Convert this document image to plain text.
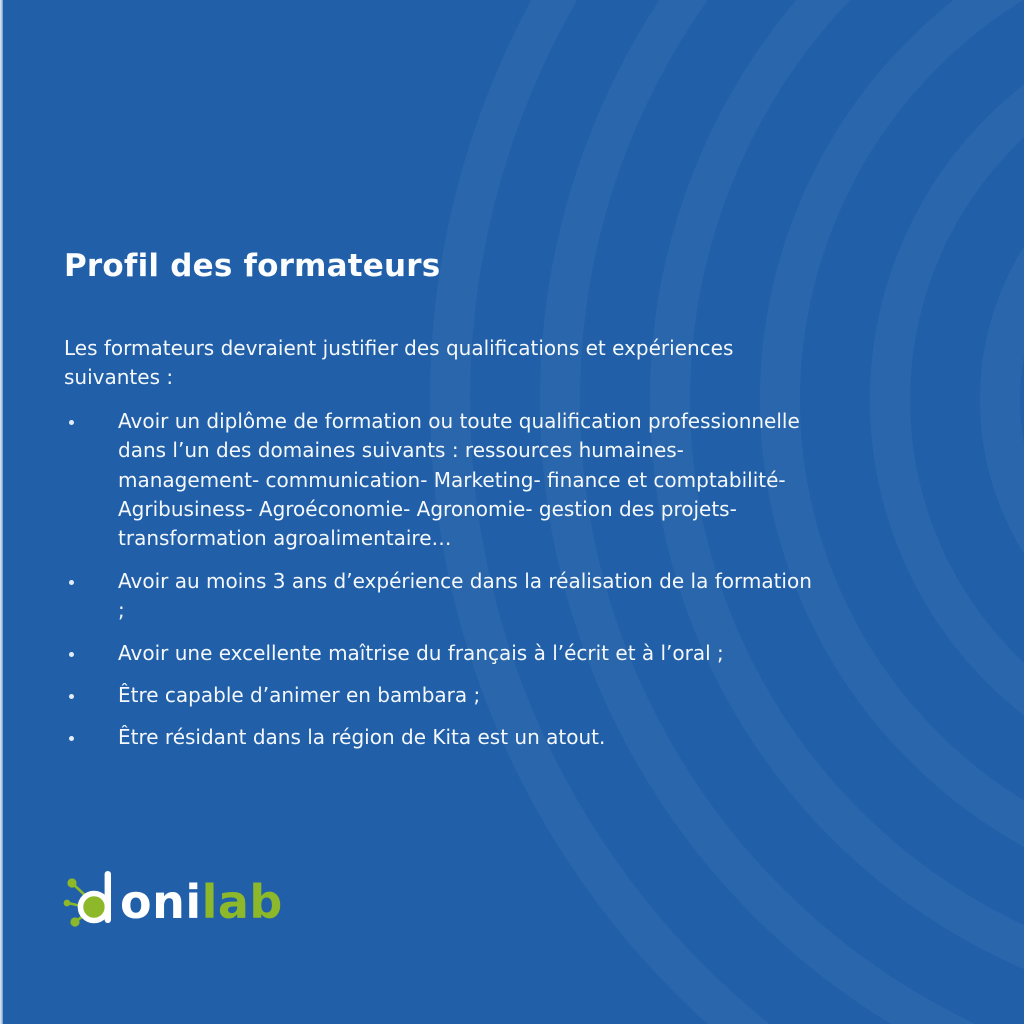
Profil des formateurs

Les formateurs devraient justifier des qualifications et expériences suivantes :

Avoir un diplôme de formation ou toute qualification professionnelle dans l’un des domaines suivants : ressources humaines- management- communication- Marketing- finance et comptabilité- Agribusiness- Agroéconomie- Agronomie- gestion des projets- transformation agroalimentaire…
Avoir au moins 3 ans d’expérience dans la réalisation de la formation ;
Avoir une excellente maîtrise du français à l’écrit et à l’oral ;
Être capable d’animer en bambara ;
Être résidant dans la région de Kita est un atout.
onilab
